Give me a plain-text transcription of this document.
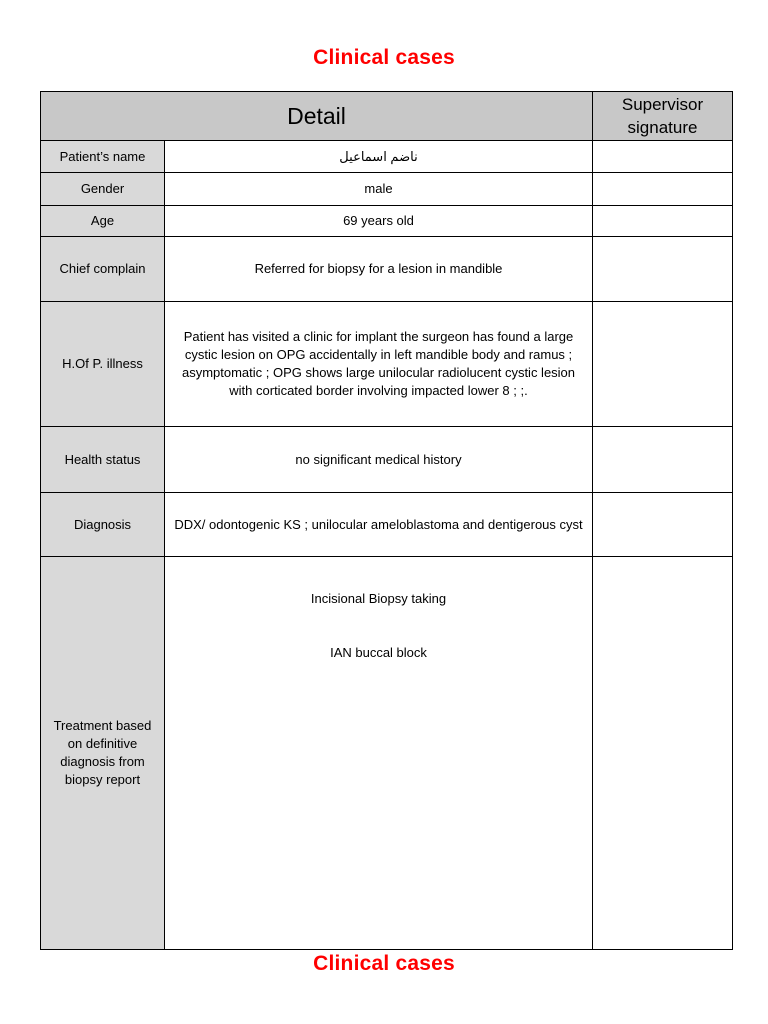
Clinical cases
Detail		Supervisor signature
Patient’s name	ناضم اسماعيل	
Gender	male	
Age	69 years old	
Chief complain	Referred for biopsy for a lesion in mandible	
H.Of P. illness	Patient has visited a clinic for implant the surgeon has found a large cystic lesion on OPG accidentally in left mandible body and ramus ; asymptomatic ; OPG shows large unilocular radiolucent cystic lesion with corticated border involving impacted lower 8 ; ;.	
Health status	no significant medical history	
Diagnosis	DDX/ odontogenic KS ; unilocular ameloblastoma and dentigerous cyst	
Treatment based on definitive diagnosis from biopsy report	Incisional Biopsy taking

IAN buccal block	

Clinical cases
